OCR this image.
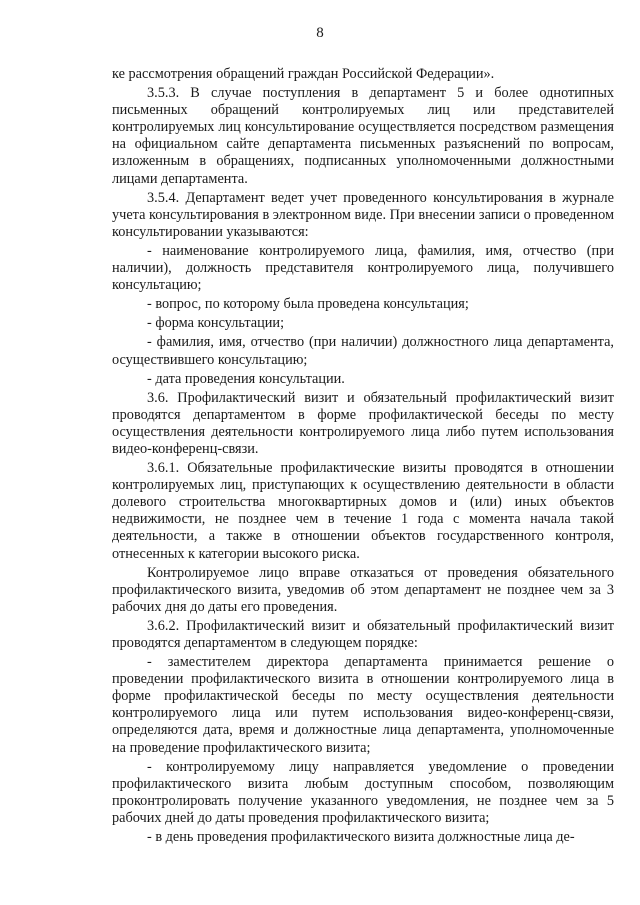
8

ке рассмотрения обращений граждан Российской Федерации».

3.5.3. В случае поступления в департамент 5 и более однотипных письменных обращений контролируемых лиц или представителей контролируемых лиц консультирование осуществляется посредством размещения на официальном сайте департамента письменных разъяснений по вопросам, изложенным в обращениях, подписанных уполномоченными должностными лицами департамента.

3.5.4. Департамент ведет учет проведенного консультирования в журнале учета консультирования в электронном виде. При внесении записи о проведенном консультировании указываются:

- наименование контролируемого лица, фамилия, имя, отчество (при наличии), должность представителя контролируемого лица, получившего консультацию;

- вопрос, по которому была проведена консультация;

- форма консультации;

- фамилия, имя, отчество (при наличии) должностного лица департамента, осуществившего консультацию;

- дата проведения консультации.

3.6. Профилактический визит и обязательный профилактический визит проводятся департаментом в форме профилактической беседы по месту осуществления деятельности контролируемого лица либо путем использования видео-конференц-связи.

3.6.1. Обязательные профилактические визиты проводятся в отношении контролируемых лиц, приступающих к осуществлению деятельности в области долевого строительства многоквартирных домов и (или) иных объектов недвижимости, не позднее чем в течение 1 года с момента начала такой деятельности, а также в отношении объектов государственного контроля, отнесенных к категории высокого риска.

Контролируемое лицо вправе отказаться от проведения обязательного профилактического визита, уведомив об этом департамент не позднее чем за 3 рабочих дня до даты его проведения.

3.6.2. Профилактический визит и обязательный профилактический визит проводятся департаментом в следующем порядке:

- заместителем директора департамента принимается решение о проведении профилактического визита в отношении контролируемого лица в форме профилактической беседы по месту осуществления деятельности контролируемого лица или путем использования видео-конференц-связи, определяются дата, время и должностные лица департамента, уполномоченные на проведение профилактического визита;

- контролируемому лицу направляется уведомление о проведении профилактического визита любым доступным способом, позволяющим проконтролировать получение указанного уведомления, не позднее чем за 5 рабочих дней до даты проведения профилактического визита;

- в день проведения профилактического визита должностные лица де-
